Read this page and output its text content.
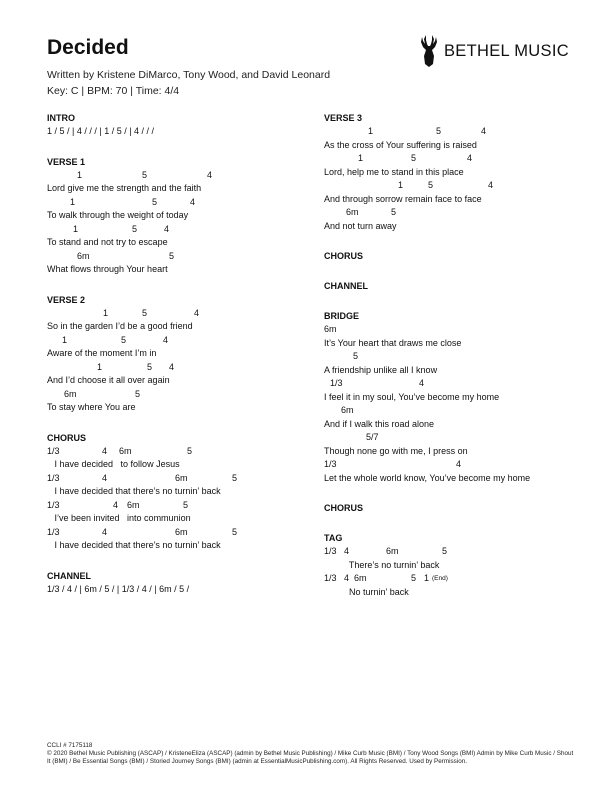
Decided
Written by Kristene DiMarco, Tony Wood, and David Leonard
Key: C | BPM: 70 | Time: 4/4
BETHEL MUSIC
INTRO
1 / 5 / | 4 / / / | 1 / 5 / | 4 / / /
VERSE 1
1	5	4
Lord give me the strength and the faith
1	5	4
To walk through the weight of today
1	5	4
To stand and not try to escape
6m	5
What flows through Your heart
VERSE 2
1	5	4
So in the garden I’d be a good friend
1	5	4
Aware of the moment I’m in
1	5 4
And I’d choose it all over again
6m	5
To stay where You are
CHORUS
1/3	4 6m	5
I have decided   to follow Jesus
1/3	4	6m	5
I have decided that there’s no turnin’ back
1/3	4 6m	5
I’ve been invited   into communion
1/3	4	6m	5
I have decided that there’s no turnin’ back
CHANNEL
1/3 / 4 / | 6m / 5 / | 1/3 / 4 / | 6m / 5 /
VERSE 3
1	5	4
As the cross of Your suffering is raised
1	5	4
Lord, help me to stand in this place
1	5	4
And through sorrow remain face to face
6m	5
And not turn away
CHORUS
CHANNEL
BRIDGE
6m
It’s Your heart that draws me close
5
A friendship unlike all I know
1/3	4
I feel it in my soul, You’ve become my home
6m
And if I walk this road alone
5/7
Though none go with me, I press on
1/3	4
Let the whole world know, You’ve become my home
CHORUS
TAG
1/3 4	6m	5
There’s no turnin’ back
1/3 4 6m	5 1 (End)
No turnin’ back
CCLI # 7175118
© 2020 Bethel Music Publishing (ASCAP) / KristeneEliza (ASCAP) (admin by Bethel Music Publishing) / Mike Curb Music (BMI) / Tony Wood Songs (BMI) Admin by Mike Curb Music / Shout It (BMI) / Be Essential Songs (BMI) / Storied Journey Songs (BMI) (admin at EssentialMusicPublishing.com). All Rights Reserved. Used by Permission.
